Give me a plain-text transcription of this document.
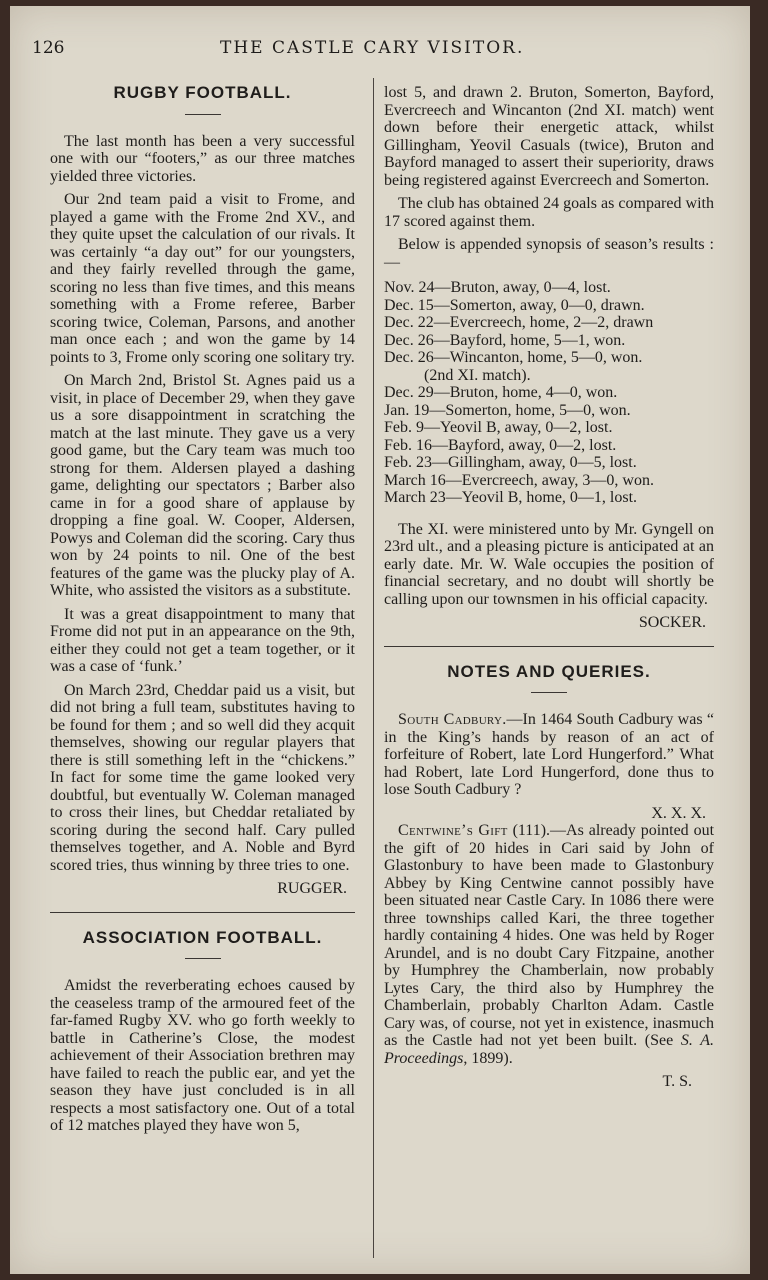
126	THE CASTLE CARY VISITOR.
RUGBY FOOTBALL.

The last month has been a very successful one with our “footers,” as our three matches yielded three victories.

Our 2nd team paid a visit to Frome, and played a game with the Frome 2nd XV., and they quite upset the calculation of our rivals. It was certainly “a day out” for our youngsters, and they fairly revelled through the game, scoring no less than five times, and this means something with a Frome referee, Barber scoring twice, Coleman, Parsons, and another man once each ; and won the game by 14 points to 3, Frome only scoring one solitary try.

On March 2nd, Bristol St. Agnes paid us a visit, in place of December 29, when they gave us a sore disappointment in scratching the match at the last minute. They gave us a very good game, but the Cary team was much too strong for them. Aldersen played a dashing game, delighting our spectators ; Barber also came in for a good share of applause by dropping a fine goal. W. Cooper, Aldersen, Powys and Coleman did the scoring. Cary thus won by 24 points to nil. One of the best features of the game was the plucky play of A. White, who assisted the visitors as a substitute.

It was a great disappointment to many that Frome did not put in an appearance on the 9th, either they could not get a team together, or it was a case of ‘funk.’

On March 23rd, Cheddar paid us a visit, but did not bring a full team, substitutes having to be found for them ; and so well did they acquit themselves, showing our regular players that there is still something left in the “chickens.” In fact for some time the game looked very doubtful, but eventually W. Coleman managed to cross their lines, but Cheddar retaliated by scoring during the second half. Cary pulled themselves together, and A. Noble and Byrd scored tries, thus winning by three tries to one.

RUGGER.
ASSOCIATION FOOTBALL.

Amidst the reverberating echoes caused by the ceaseless tramp of the armoured feet of the far-famed Rugby XV. who go forth weekly to battle in Catherine’s Close, the modest achievement of their Association brethren may have failed to reach the public ear, and yet the season they have just concluded is in all respects a most satisfactory one. Out of a total of 12 matches played they have won 5,

lost 5, and drawn 2. Bruton, Somerton, Bayford, Evercreech and Wincanton (2nd XI. match) went down before their energetic attack, whilst Gillingham, Yeovil Casuals (twice), Bruton and Bayford managed to assert their superiority, draws being registered against Evercreech and Somerton.

The club has obtained 24 goals as compared with 17 scored against them.

Below is appended synopsis of season’s results :—

Nov. 24—Bruton, away, 0—4, lost.
Dec. 15—Somerton, away, 0—0, drawn.
Dec. 22—Evercreech, home, 2—2, drawn
Dec. 26—Bayford, home, 5—1, won.
Dec. 26—Wincanton, home, 5—0, won.
(2nd XI. match).
Dec. 29—Bruton, home, 4—0, won.
Jan. 19—Somerton, home, 5—0, won.
Feb. 9—Yeovil B, away, 0—2, lost.
Feb. 16—Bayford, away, 0—2, lost.
Feb. 23—Gillingham, away, 0—5, lost.
March 16—Evercreech, away, 3—0, won.
March 23—Yeovil B, home, 0—1, lost.

The XI. were ministered unto by Mr. Gyngell on 23rd ult., and a pleasing picture is anticipated at an early date. Mr. W. Wale occupies the position of financial secretary, and no doubt will shortly be calling upon our townsmen in his official capacity.

SOCKER.
NOTES AND QUERIES.

South Cadbury.—In 1464 South Cadbury was “ in the King’s hands by reason of an act of forfeiture of Robert, late Lord Hungerford.” What had Robert, late Lord Hungerford, done thus to lose South Cadbury ?

X. X. X.

Centwine’s Gift (111).—As already pointed out the gift of 20 hides in Cari said by John of Glastonbury to have been made to Glastonbury Abbey by King Centwine cannot possibly have been situated near Castle Cary. In 1086 there were three townships called Kari, the three together hardly containing 4 hides. One was held by Roger Arundel, and is no doubt Cary Fitzpaine, another by Humphrey the Chamberlain, now probably Lytes Cary, the third also by Humphrey the Chamberlain, probably Charlton Adam. Castle Cary was, of course, not yet in existence, inasmuch as the Castle had not yet been built. (See S. A. Proceedings, 1899).

T. S.
